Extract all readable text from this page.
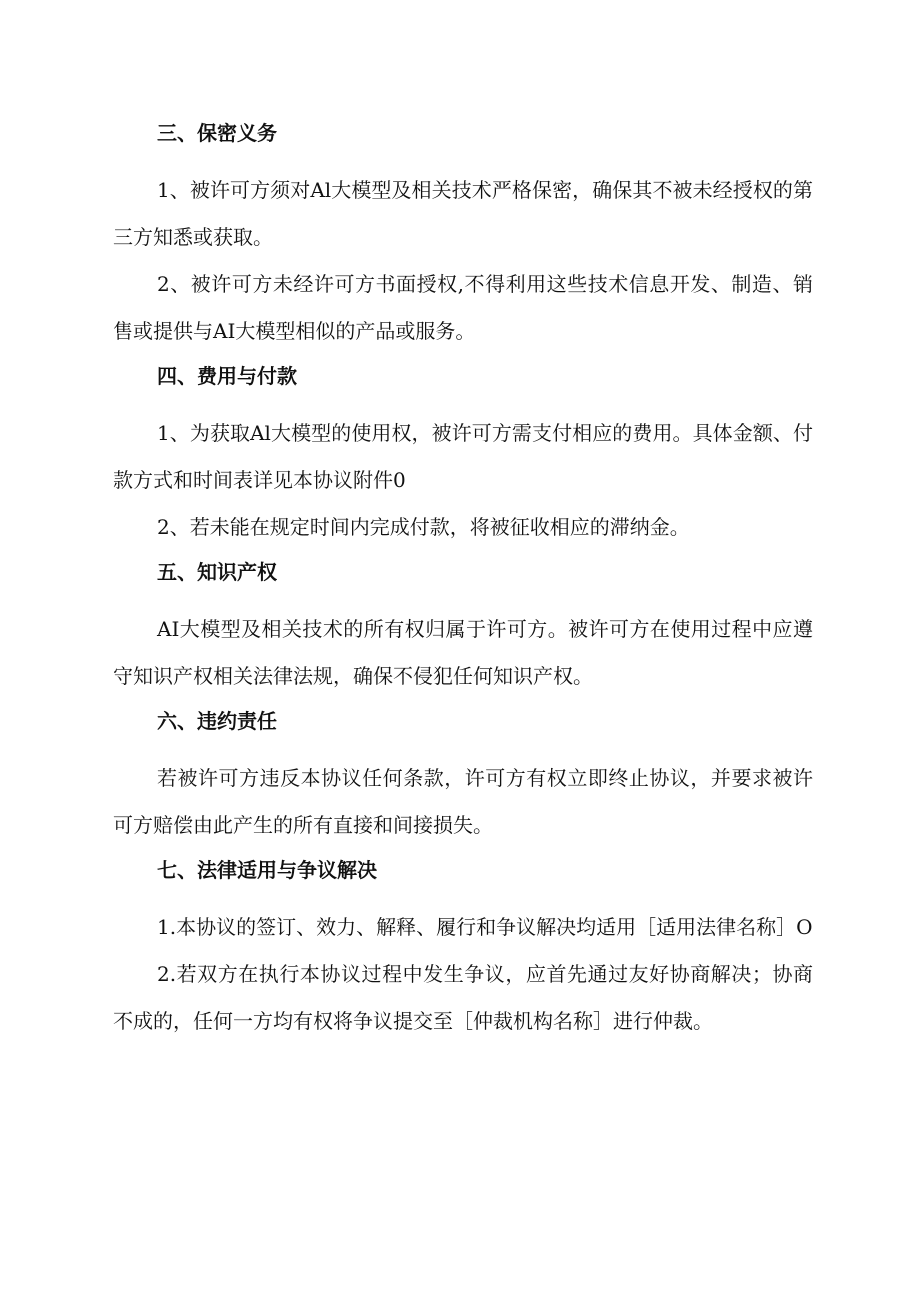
三、保密义务

1、被许可方须对Al大模型及相关技术严格保密，确保其不被未经授权的第三方知悉或获取。

2、被许可方未经许可方书面授权,不得利用这些技术信息开发、制造、销售或提供与AI大模型相似的产品或服务。

四、费用与付款

1、为获取Al大模型的使用权，被许可方需支付相应的费用。具体金额、付款方式和时间表详见本协议附件0

2、若未能在规定时间内完成付款，将被征收相应的滞纳金。

五、知识产权

AI大模型及相关技术的所有权归属于许可方。被许可方在使用过程中应遵守知识产权相关法律法规，确保不侵犯任何知识产权。

六、违约责任

若被许可方违反本协议任何条款，许可方有权立即终止协议，并要求被许可方赔偿由此产生的所有直接和间接损失。

七、法律适用与争议解决

1.本协议的签订、效力、解释、履行和争议解决均适用［适用法律名称］O

2.若双方在执行本协议过程中发生争议，应首先通过友好协商解决；协商不成的，任何一方均有权将争议提交至［仲裁机构名称］进行仲裁。
